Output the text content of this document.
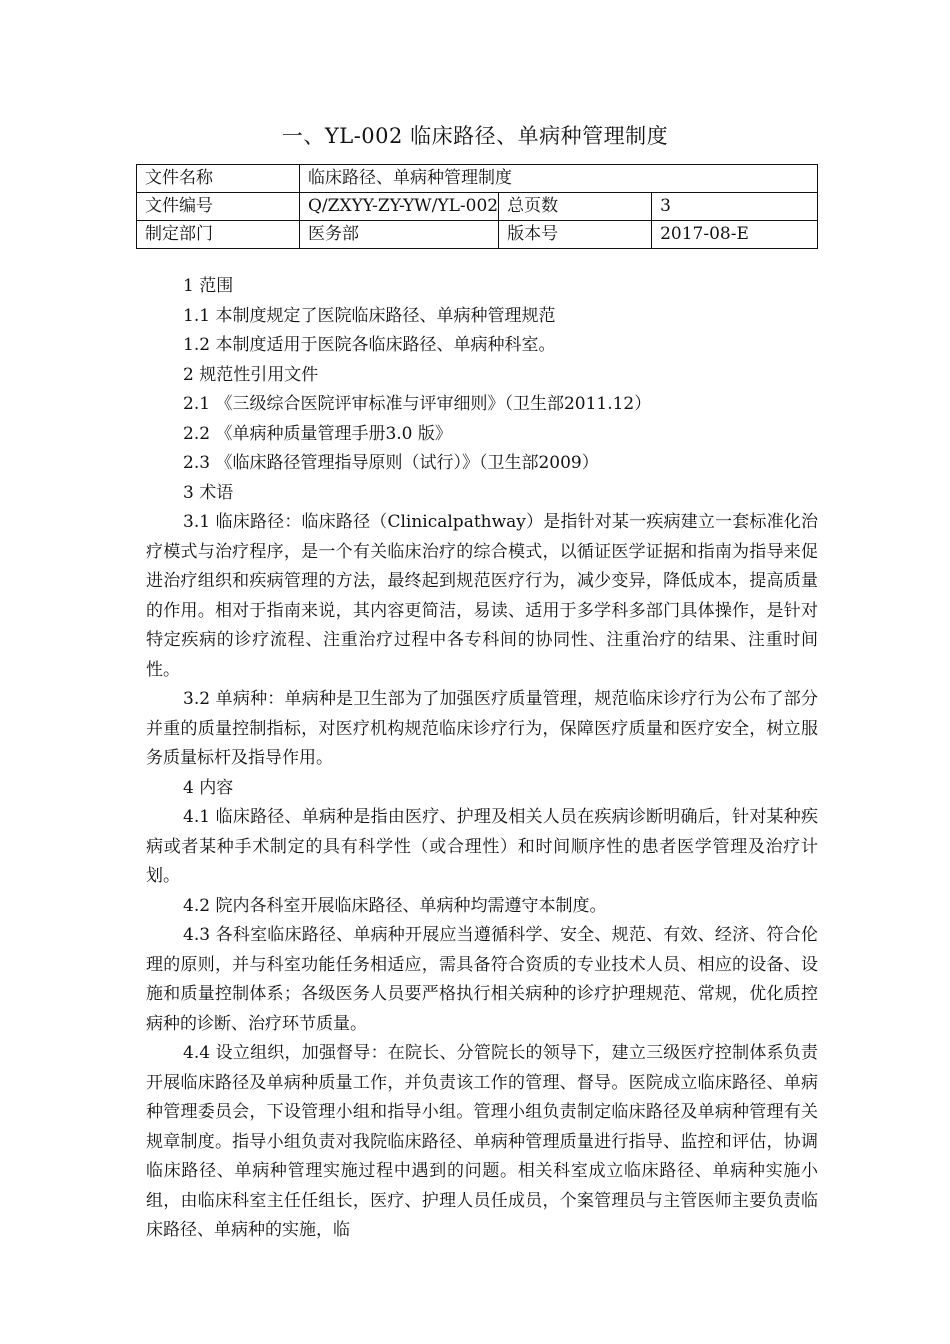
一、YL-002 临床路径、单病种管理制度
文件名称	临床路径、单病种管理制度		
文件编号	Q/ZXYY-ZY-YW/YL-002	总页数	3
制定部门	医务部	版本号	2017-08-E

1 范围

1.1 本制度规定了医院临床路径、单病种管理规范

1.2 本制度适用于医院各临床路径、单病种科室。

2 规范性引用文件

2.1 《三级综合医院评审标准与评审细则》（卫生部2011.12）

2.2 《单病种质量管理手册3.0 版》

2.3 《临床路径管理指导原则（试行）》（卫生部2009）

3 术语

3.1 临床路径：临床路径（Clinicalpathway）是指针对某一疾病建立一套标准化治疗模式与治疗程序，是一个有关临床治疗的综合模式，以循证医学证据和指南为指导来促进治疗组织和疾病管理的方法，最终起到规范医疗行为，减少变异，降低成本，提高质量的作用。相对于指南来说，其内容更简洁，易读、适用于多学科多部门具体操作，是针对特定疾病的诊疗流程、注重治疗过程中各专科间的协同性、注重治疗的结果、注重时间性。

3.2 单病种：单病种是卫生部为了加强医疗质量管理，规范临床诊疗行为公布了部分并重的质量控制指标，对医疗机构规范临床诊疗行为，保障医疗质量和医疗安全，树立服务质量标杆及指导作用。

4 内容

4.1 临床路径、单病种是指由医疗、护理及相关人员在疾病诊断明确后，针对某种疾病或者某种手术制定的具有科学性（或合理性）和时间顺序性的患者医学管理及治疗计划。

4.2 院内各科室开展临床路径、单病种均需遵守本制度。

4.3 各科室临床路径、单病种开展应当遵循科学、安全、规范、有效、经济、符合伦理的原则，并与科室功能任务相适应，需具备符合资质的专业技术人员、相应的设备、设施和质量控制体系；各级医务人员要严格执行相关病种的诊疗护理规范、常规，优化质控病种的诊断、治疗环节质量。

4.4 设立组织，加强督导：在院长、分管院长的领导下，建立三级医疗控制体系负责开展临床路径及单病种质量工作，并负责该工作的管理、督导。医院成立临床路径、单病种管理委员会，下设管理小组和指导小组。管理小组负责制定临床路径及单病种管理有关规章制度。指导小组负责对我院临床路径、单病种管理质量进行指导、监控和评估，协调临床路径、单病种管理实施过程中遇到的问题。相关科室成立临床路径、单病种实施小组，由临床科室主任任组长，医疗、护理人员任成员，个案管理员与主管医师主要负责临床路径、单病种的实施，临
